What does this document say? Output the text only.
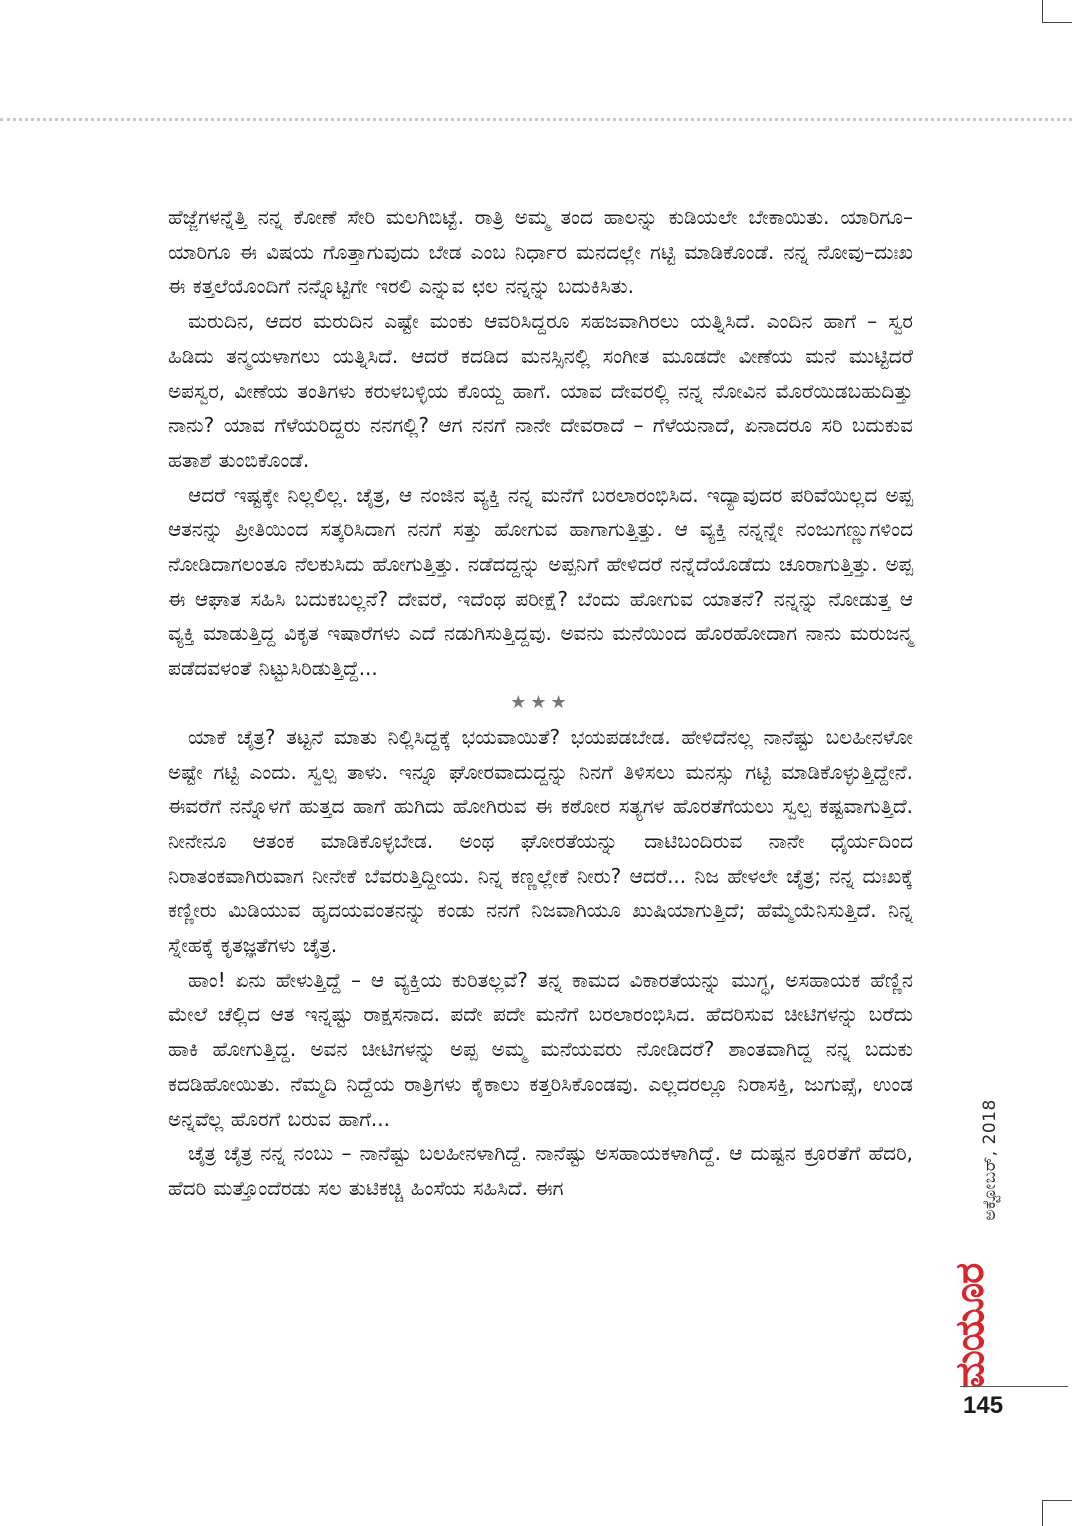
ಹೆಜ್ಜೆಗಳನ್ನೆತ್ತಿ ನನ್ನ ಕೋಣೆ ಸೇರಿ ಮಲಗಿಬಿಟ್ಟೆ. ರಾತ್ರಿ ಅಮ್ಮ ತಂದ ಹಾಲನ್ನು ಕುಡಿಯಲೇ ಬೇಕಾಯಿತು. ಯಾರಿಗೂ– ಯಾರಿಗೂ ಈ ವಿಷಯ ಗೊತ್ತಾಗುವುದು ಬೇಡ ಎಂಬ ನಿರ್ಧಾರ ಮನದಲ್ಲೇ ಗಟ್ಟಿ ಮಾಡಿಕೊಂಡೆ. ನನ್ನ ನೋವು–ದುಃಖ ಈ ಕತ್ತಲೆಯೊಂದಿಗೆ ನನ್ನೊಟ್ಟಿಗೇ ಇರಲಿ ಎನ್ನುವ ಛಲ ನನ್ನನ್ನು ಬದುಕಿಸಿತು.

ಮರುದಿನ, ಆದರ ಮರುದಿನ ಎಷ್ಟೇ ಮಂಕು ಆವರಿಸಿದ್ದರೂ ಸಹಜವಾಗಿರಲು ಯತ್ನಿಸಿದೆ. ಎಂದಿನ ಹಾಗೆ – ಸ್ವರ ಹಿಡಿದು ತನ್ಮಯಳಾಗಲು ಯತ್ನಿಸಿದೆ. ಆದರೆ ಕದಡಿದ ಮನಸ್ಸಿನಲ್ಲಿ ಸಂಗೀತ ಮೂಡದೇ ವೀಣೆಯ ಮನೆ ಮುಟ್ಟಿದರೆ ಅಪಸ್ವರ, ವೀಣೆಯ ತಂತಿಗಳು ಕರುಳಬಳ್ಳಿಯ ಕೊಯ್ದ ಹಾಗೆ. ಯಾವ ದೇವರಲ್ಲಿ ನನ್ನ ನೋವಿನ ಮೊರೆಯಿಡಬಹುದಿತ್ತು ನಾನು? ಯಾವ ಗೆಳೆಯರಿದ್ದರು ನನಗಲ್ಲಿ? ಆಗ ನನಗೆ ನಾನೇ ದೇವರಾದೆ – ಗೆಳೆಯನಾದೆ, ಏನಾದರೂ ಸರಿ ಬದುಕುವ ಹತಾಶೆ ತುಂಬಿಕೊಂಡೆ.

ಆದರೆ ಇಷ್ಟಕ್ಕೇ ನಿಲ್ಲಲಿಲ್ಲ. ಚೈತ್ರ, ಆ ನಂಜಿನ ವ್ಯಕ್ತಿ ನನ್ನ ಮನೆಗೆ ಬರಲಾರಂಭಿಸಿದ. ಇದ್ಯಾವುದರ ಪರಿವೆಯಿಲ್ಲದ ಅಪ್ಪ ಆತನನ್ನು ಪ್ರೀತಿಯಿಂದ ಸತ್ಕರಿಸಿದಾಗ ನನಗೆ ಸತ್ತು ಹೋಗುವ ಹಾಗಾಗುತ್ತಿತ್ತು. ಆ ವ್ಯಕ್ತಿ ನನ್ನನ್ನೇ ನಂಜುಗಣ್ಣುಗಳಿಂದ ನೋಡಿದಾಗಲಂತೂ ನೆಲಕುಸಿದು ಹೋಗುತ್ತಿತ್ತು. ನಡೆದದ್ದನ್ನು ಅಪ್ಪನಿಗೆ ಹೇಳಿದರೆ ನನ್ನೆದೆಯೊಡೆದು ಚೂರಾಗುತ್ತಿತ್ತು. ಅಪ್ಪ ಈ ಆಘಾತ ಸಹಿಸಿ ಬದುಕಬಲ್ಲನೆ? ದೇವರೆ, ಇದೆಂಥ ಪರೀಕ್ಷೆ? ಬೆಂದು ಹೋಗುವ ಯಾತನೆ? ನನ್ನನ್ನು ನೋಡುತ್ತ ಆ ವ್ಯಕ್ತಿ ಮಾಡುತ್ತಿದ್ದ ವಿಕೃತ ಇಷಾರೆಗಳು ಎದೆ ನಡುಗಿಸುತ್ತಿದ್ದವು. ಅವನು ಮನೆಯಿಂದ ಹೊರಹೋದಾಗ ನಾನು ಮರುಜನ್ಮ ಪಡೆದವಳಂತೆ ನಿಟ್ಟುಸಿರಿಡುತ್ತಿದ್ದೆ...

★★★

ಯಾಕೆ ಚೈತ್ರ? ತಟ್ಟನೆ ಮಾತು ನಿಲ್ಲಿಸಿದ್ದಕ್ಕೆ ಭಯವಾಯಿತೆ? ಭಯಪಡಬೇಡ. ಹೇಳಿದೆನಲ್ಲ ನಾನೆಷ್ಟು ಬಲಹೀನಳೋ ಅಷ್ಟೇ ಗಟ್ಟಿ ಎಂದು. ಸ್ವಲ್ಪ ತಾಳು. ಇನ್ನೂ ಘೋರವಾದುದ್ದನ್ನು ನಿನಗೆ ತಿಳಿಸಲು ಮನಸ್ಸು ಗಟ್ಟಿ ಮಾಡಿಕೊಳ್ಳುತ್ತಿದ್ದೇನೆ. ಈವರೆಗೆ ನನ್ನೊಳಗೆ ಹುತ್ತದ ಹಾಗೆ ಹುಗಿದು ಹೋಗಿರುವ ಈ ಕಠೋರ ಸತ್ಯಗಳ ಹೊರತೆಗೆಯಲು ಸ್ವಲ್ಪ ಕಷ್ಟವಾಗುತ್ತಿದೆ. ನೀನೇನೂ ಆತಂಕ ಮಾಡಿಕೊಳ್ಳಬೇಡ. ಅಂಥ ಘೋರತೆಯನ್ನು ದಾಟಿಬಂದಿರುವ ನಾನೇ ಧೈರ್ಯದಿಂದ ನಿರಾತಂಕವಾಗಿರುವಾಗ ನೀನೇಕೆ ಬೆವರುತ್ತಿದ್ದೀಯ. ನಿನ್ನ ಕಣ್ಣಲ್ಲೇಕೆ ನೀರು? ಆದರೆ... ನಿಜ ಹೇಳಲೇ ಚೈತ್ರ; ನನ್ನ ದುಃಖಕ್ಕೆ ಕಣ್ಣೀರು ಮಿಡಿಯುವ ಹೃದಯವಂತನನ್ನು ಕಂಡು ನನಗೆ ನಿಜವಾಗಿಯೂ ಖುಷಿಯಾಗುತ್ತಿದೆ; ಹೆಮ್ಮೆಯೆನಿಸುತ್ತಿದೆ. ನಿನ್ನ ಸ್ನೇಹಕ್ಕೆ ಕೃತಜ್ಞತೆಗಳು ಚೈತ್ರ.

ಹಾಂ! ಏನು ಹೇಳುತ್ತಿದ್ದೆ – ಆ ವ್ಯಕ್ತಿಯ ಕುರಿತಲ್ಲವೆ? ತನ್ನ ಕಾಮದ ವಿಕಾರತೆಯನ್ನು ಮುಗ್ಧ, ಅಸಹಾಯಕ ಹೆಣ್ಣಿನ ಮೇಲೆ ಚೆಲ್ಲಿದ ಆತ ಇನ್ನಷ್ಟು ರಾಕ್ಷಸನಾದ. ಪದೇ ಪದೇ ಮನೆಗೆ ಬರಲಾರಂಭಿಸಿದ. ಹೆದರಿಸುವ ಚೀಟಿಗಳನ್ನು ಬರೆದು ಹಾಕಿ ಹೋಗುತ್ತಿದ್ದ. ಅವನ ಚೀಟಿಗಳನ್ನು ಅಪ್ಪ ಅಮ್ಮ ಮನೆಯವರು ನೋಡಿದರೆ? ಶಾಂತವಾಗಿದ್ದ ನನ್ನ ಬದುಕು ಕದಡಿಹೋಯಿತು. ನೆಮ್ಮದಿ ನಿದ್ದೆಯ ರಾತ್ರಿಗಳು ಕೈಕಾಲು ಕತ್ತರಿಸಿಕೊಂಡವು. ಎಲ್ಲದರಲ್ಲೂ ನಿರಾಸಕ್ತಿ, ಜುಗುಪ್ಸೆ, ಉಂಡ ಅನ್ನವೆಲ್ಲ ಹೊರಗೆ ಬರುವ ಹಾಗೆ...

ಚೈತ್ರ ಚೈತ್ರ ನನ್ನ ನಂಬು – ನಾನೆಷ್ಟು ಬಲಹೀನಳಾಗಿದ್ದೆ. ನಾನೆಷ್ಟು ಅಸಹಾಯಕಳಾಗಿದ್ದೆ. ಆ ದುಷ್ಟನ ಕ್ರೂರತೆಗೆ ಹೆದರಿ, ಹೆದರಿ ಮತ್ತೊಂದೆರಡು ಸಲ ತುಟಿಕಚ್ಚಿ ಹಿಂಸೆಯ ಸಹಿಸಿದೆ. ಈಗ	ಅಕ್ಟೋಬರ್, 2018
ಮಯೂರ
145
